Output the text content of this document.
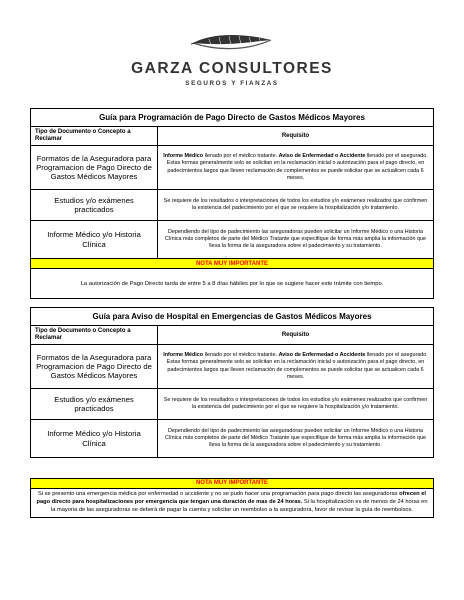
GARZA CONSULTORES
SEGUROS Y FIANZAS
Guía para Programación de Pago Directo de Gastos Médicos Mayores	
Tipo de Documento o Concepto a Reclamar	Requisito
Formatos de la Aseguradora para Programacion de Pago Directo de Gastos Médicos Mayores	Informe Médico llenado por el médico tratante. Aviso de Enfermedad o Accidente llenado por el asegurado. Estas formas generalmente solo se solicitan en la reclamación inicial o autorización para el pago directo, en padecimientos largos que lleven reclamación de complementos se puede solicitar que se actualicen cada 6 meses.
Estudios y/o exámenes practicados	Se requiere de los resultados o interpretaciones de todos los estudios y/o exámenes realizados que confirmen la existencia del padecimiento por el que se requiere la hospitalización y/o tratamiento.
Informe Médico y/o Historia Clínica	Dependiendo del tipo de padecimiento las aseguradoras pueden solicitar un Informe Médico o una Historia Clínica más completos de parte del Médico Tratante que especifique de forma más amplia la información que lleva la forma de la aseguradora sobre el padecimiento y su tratamiento.
NOTA MUY IMPORTANTE	
La autorización de Pago Directo tarda de entre 5 a 8 días hábiles por lo que se sugiere hacer este trámite con tiempo.	
Guía para Aviso de Hospital en Emergencias de Gastos Médicos Mayores	
Tipo de Documento o Concepto a Reclamar	Requisito
Formatos de la Aseguradora para Programacion de Pago Directo de Gastos Médicos Mayores	Informe Médico llenado por el médico tratante. Aviso de Enfermedad o Accidente llenado por el asegurado. Estas formas generalmente solo se solicitan en la reclamación inicial o autorización para el pago directo, en padecimientos largos que lleven reclamación de complementos se puede solicitar que se actualicen cada 6 meses.
Estudios y/o exámenes practicados	Se requiere de los resultados o interpretaciones de todos los estudios y/o exámenes realizados que confirmen la existencia del padecimiento por el que se requiere la hospitalización y/o tratamiento.
Informe Médico y/o Historia Clínica	Dependiendo del tipo de padecimiento las aseguradoras pueden solicitar un Informe Médico o una Historia Clínica más completos de parte del Médico Tratante que especifique de forma más amplia la información que lleva la forma de la aseguradora sobre el padecimiento y su tratamiento.
NOTA MUY IMPORTANTE
Si se presento una emergencia médica por enfermedad o accidente y no se pudo hacer una programación para pago directo las aseguradoras ofrecen el pago directo para hospitalizaciones por emergencia que tengan una duración de mas de 24 horas. Si la hospitalización es de menos de 24 horas en la mayoria de las aseguradoras se deberá de pagar la cuenta y solicitar un reembolso a la aseguradora, favor de revisar la guía de reembolsos.
